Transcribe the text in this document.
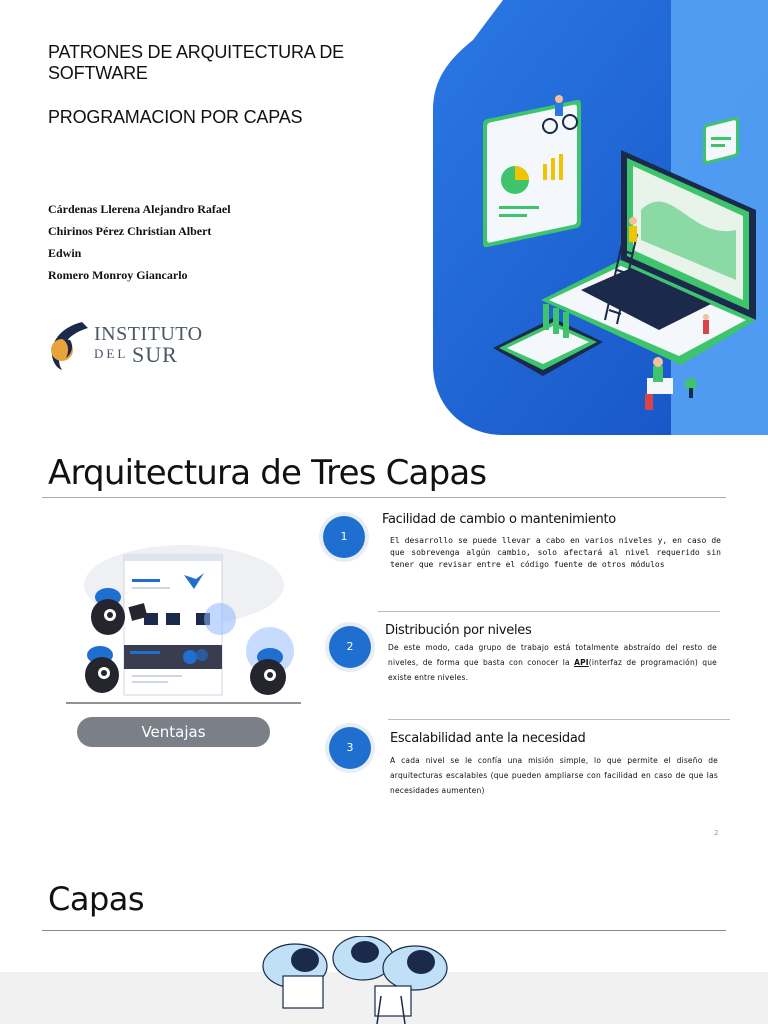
PATRONES DE ARQUITECTURA DE SOFTWARE
PROGRAMACION POR CAPAS
Cárdenas Llerena Alejandro Rafael
Chirinos Pérez Christian Albert
Edwin
Romero Monroy Giancarlo
INSTITUTO
DEL SUR
Arquitectura de Tres Capas
Ventajas
1
Facilidad de cambio o mantenimiento
El desarrollo se puede llevar a cabo en varios niveles y, en caso de que sobrevenga algún cambio, solo afectará al nivel requerido sin tener que revisar entre el código fuente de otros módulos
2
Distribución por niveles
De este modo, cada grupo de trabajo está totalmente abstraído del resto de niveles, de forma que basta con conocer la API(interfaz de programación) que existe entre niveles.
3
Escalabilidad ante la necesidad
A cada nivel se le confía una misión simple, lo que permite el diseño de arquitecturas escalables (que pueden ampliarse con facilidad en caso de que las necesidades aumenten)
2
Capas
